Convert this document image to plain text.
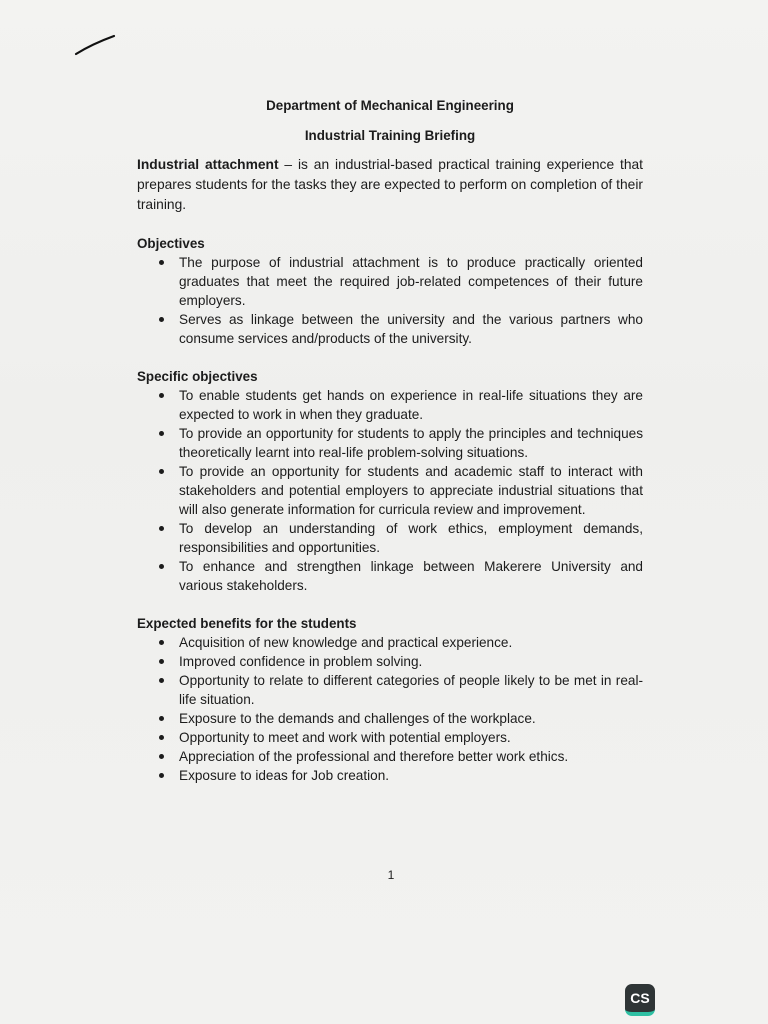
Department of Mechanical Engineering

Industrial Training Briefing

Industrial attachment – is an industrial-based practical training experience that prepares students for the tasks they are expected to perform on completion of their training.

Objectives

The purpose of industrial attachment is to produce practically oriented graduates that meet the required job-related competences of their future employers.
Serves as linkage between the university and the various partners who consume services and/products of the university.

Specific objectives

To enable students get hands on experience in real-life situations they are expected to work in when they graduate.
To provide an opportunity for students to apply the principles and techniques theoretically learnt into real-life problem-solving situations.
To provide an opportunity for students and academic staff to interact with stakeholders and potential employers to appreciate industrial situations that will also generate information for curricula review and improvement.
To develop an understanding of work ethics, employment demands, responsibilities and opportunities.
To enhance and strengthen linkage between Makerere University and various stakeholders.

Expected benefits for the students

Acquisition of new knowledge and practical experience.
Improved confidence in problem solving.
Opportunity to relate to different categories of people likely to be met in real-life situation.
Exposure to the demands and challenges of the workplace.
Opportunity to meet and work with potential employers.
Appreciation of the professional and therefore better work ethics.
Exposure to ideas for Job creation.
1
CS
